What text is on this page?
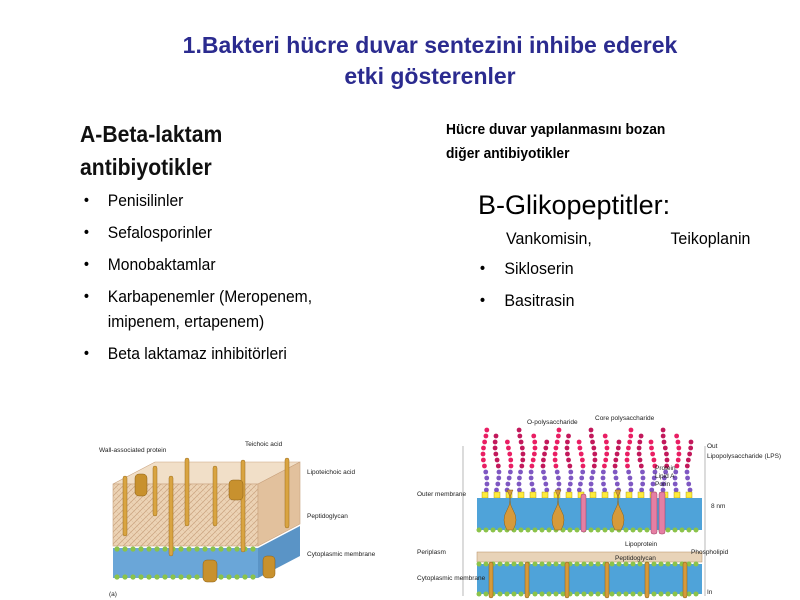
1.Bakteri hücre duvar sentezini inhibe ederek
etki gösterenler
A-Beta-laktam
antibiyotikler
• Penisilinler
• Sefalosporinler
• Monobaktamlar
• Karbapenemler (Meropenem, imipenem, ertapenem)
• Beta laktamaz inhibitörleri
Hücre duvar yapılanmasını bozan
diğer antibiyotikler
B-Glikopeptitler:
Vankomisin,	Teikoplanin
• Sikloserin
• Basitrasin
Wall-associated protein
Teichoic acid
Lipoteichoic acid
Peptidoglycan
Cytoplasmic membrane
(a)
O-polysaccharide
Core polysaccharide
Out
Lipopolysaccharide (LPS)
Protein
Lipid A
Porin
8 nm
Outer membrane
Periplasm
Lipoprotein
Peptidoglycan
Phospholipid
Cytoplasmic membrane
In
